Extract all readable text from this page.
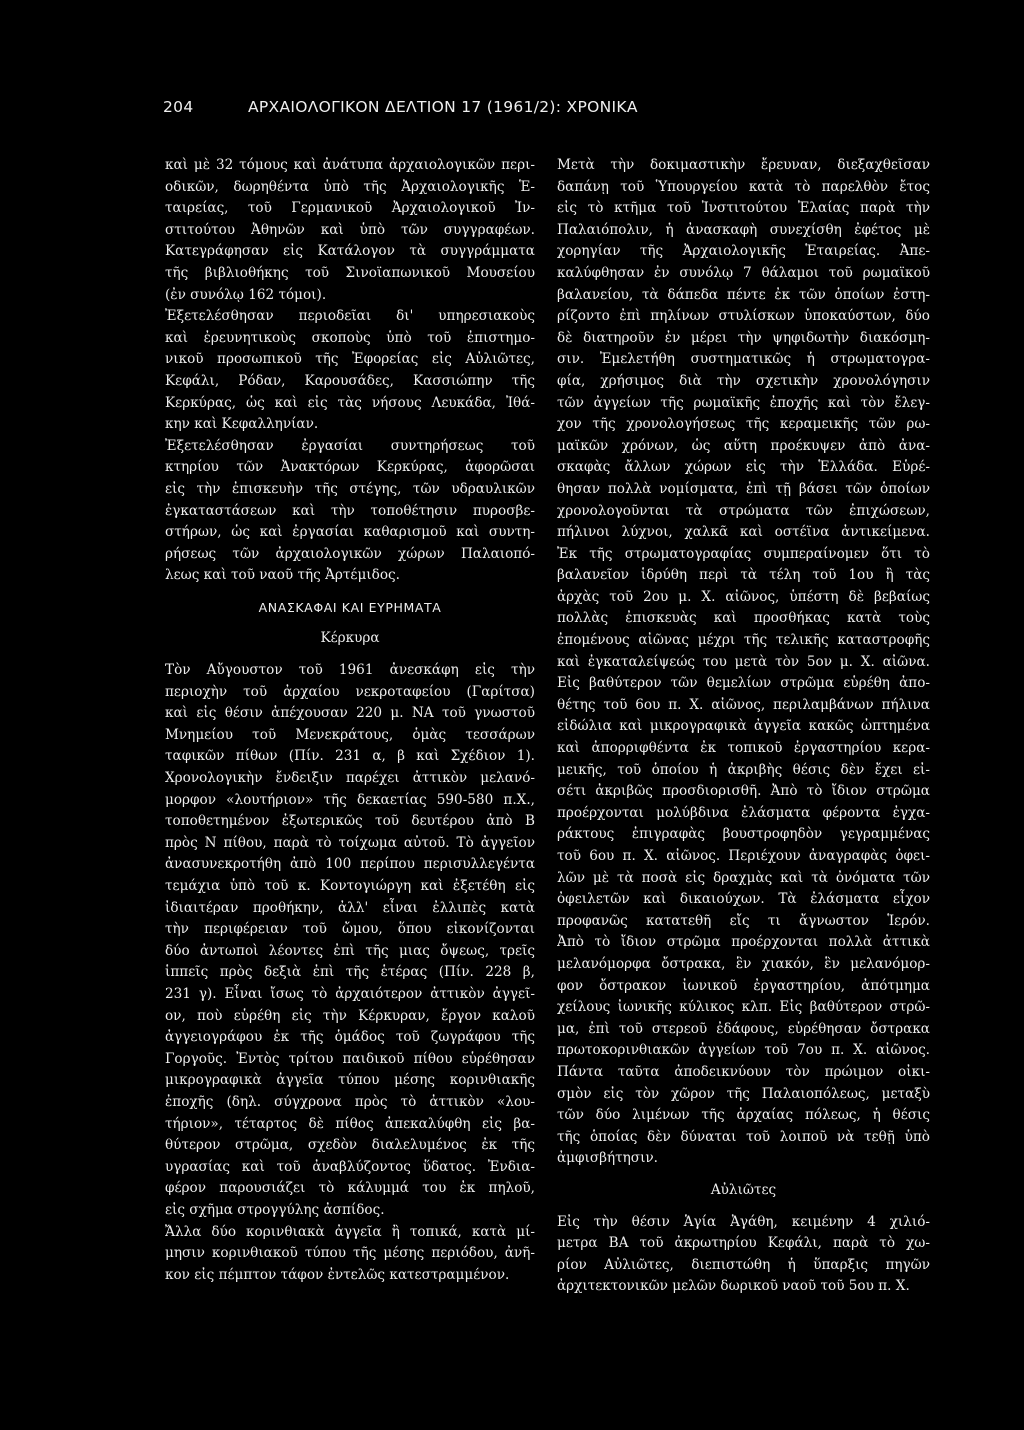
204	ΑΡΧΑΙΟΛΟΓΙΚΟΝ ΔΕΛΤΙΟΝ 17 (1961/2): ΧΡΟΝΙΚΑ
καὶ μὲ 32 τόμους καὶ ἀνάτυπα ἀρχαιολογικῶν περι-
οδικῶν, δωρηθέντα ὑπὸ τῆς Ἀρχαιολογικῆς Ἑ-
ταιρείας, τοῦ Γερμανικοῦ Ἀρχαιολογικοῦ Ἰν-
στιτούτου Ἀθηνῶν καὶ ὑπὸ τῶν συγγραφέων.
Κατεγράφησαν εἰς Κατάλογον τὰ συγγράμματα
τῆς βιβλιοθήκης τοῦ Σινοϊαπωνικοῦ Μουσείου
(ἐν συνόλῳ 162 τόμοι).
Ἐξετελέσθησαν περιοδεῖαι δι' υπηρεσιακοὺς
καὶ ἐρευνητικοὺς σκοποὺς ὑπὸ τοῦ ἐπιστημο-
νικοῦ προσωπικοῦ τῆς Ἐφορείας εἰς Αὐλιῶτες,
Κεφάλι, Ρόδαν, Καρουσάδες, Κασσιώπην τῆς
Κερκύρας, ὡς καὶ εἰς τὰς νήσους Λευκάδα, Ἰθά-
κην καὶ Κεφαλληνίαν.
Ἐξετελέσθησαν ἐργασίαι συντηρήσεως τοῦ
κτηρίου τῶν Ἀνακτόρων Κερκύρας, ἀφορῶσαι
εἰς τὴν ἐπισκευὴν τῆς στέγης, τῶν υδραυλικῶν
ἐγκαταστάσεων καὶ τὴν τοποθέτησιν πυροσβε-
στήρων, ὡς καὶ ἐργασίαι καθαρισμοῦ καὶ συντη-
ρήσεως τῶν ἀρχαιολογικῶν χώρων Παλαιοπό-
λεως καὶ τοῦ ναοῦ τῆς Ἀρτέμιδος.
ΑΝΑΣΚΑΦΑΙ ΚΑΙ ΕΥΡΗΜΑΤΑ
Κέρκυρα
Τὸν Αὔγουστον τοῦ 1961 ἀνεσκάφη εἰς τὴν
περιοχὴν τοῦ ἀρχαίου νεκροταφείου (Γαρίτσα)
καὶ εἰς θέσιν ἀπέχουσαν 220 μ. ΝΑ τοῦ γνωστοῦ
Μνημείου τοῦ Μενεκράτους, ὁμὰς τεσσάρων
ταφικῶν πίθων (Πίν. 231 α, β καὶ Σχέδιον 1).
Χρονολογικὴν ἔνδειξιν παρέχει ἀττικὸν μελανό-
μορφον «λουτήριον» τῆς δεκαετίας 590-580 π.Χ.,
τοποθετημένον ἐξωτερικῶς τοῦ δευτέρου ἀπὸ Β
πρὸς Ν πίθου, παρὰ τὸ τοίχωμα αὐτοῦ. Τὸ ἀγγεῖον
ἀνασυνεκροτήθη ἀπὸ 100 περίπου περισυλλεγέντα
τεμάχια ὑπὸ τοῦ κ. Κοντογιώργη καὶ ἐξετέθη εἰς
ἰδιαιτέραν προθήκην, ἀλλ' εἶναι ἐλλιπὲς κατὰ
τὴν περιφέρειαν τοῦ ὤμου, ὅπου εἰκονίζονται
δύο ἀντωποὶ λέοντες ἐπὶ τῆς μιας ὄψεως, τρεῖς
ἱππεῖς πρὸς δεξιὰ ἐπὶ τῆς ἑτέρας (Πίν. 228 β,
231 γ). Εἶναι ἴσως τὸ ἀρχαιότερον ἀττικὸν ἀγγεῖ-
ον, ποὺ εὑρέθη εἰς τὴν Κέρκυραν, ἔργον καλοῦ
ἀγγειογράφου ἐκ τῆς ὁμάδος τοῦ ζωγράφου τῆς
Γοργοῦς. Ἐντὸς τρίτου παιδικοῦ πίθου εὑρέθησαν
μικρογραφικὰ ἀγγεῖα τύπου μέσης κορινθιακῆς
ἐποχῆς (δηλ. σύγχρονα πρὸς τὸ ἀττικὸν «λου-
τήριον», τέταρτος δὲ πίθος ἀπεκαλύφθη εἰς βα-
θύτερον στρῶμα, σχεδὸν διαλελυμένος ἐκ τῆς
υγρασίας καὶ τοῦ ἀναβλύζοντος ὕδατος. Ἐνδια-
φέρον παρουσιάζει τὸ κάλυμμά του ἐκ πηλοῦ,
εἰς σχῆμα στρογγύλης ἀσπίδος.
Ἄλλα δύο κορινθιακὰ ἀγγεῖα ἢ τοπικά, κατὰ μί-
μησιν κορινθιακοῦ τύπου τῆς μέσης περιόδου, ἀνῆ-
κον εἰς πέμπτον τάφον ἐντελῶς κατεστραμμένον.
Μετὰ τὴν δοκιμαστικὴν ἔρευναν, διεξαχθεῖσαν
δαπάνῃ τοῦ Ὑπουργείου κατὰ τὸ παρελθὸν ἔτος
εἰς τὸ κτῆμα τοῦ Ἰνστιτούτου Ἐλαίας παρὰ τὴν
Παλαιόπολιν, ἡ ἀνασκαφὴ συνεχίσθη ἐφέτος μὲ
χορηγίαν τῆς Ἀρχαιολογικῆς Ἑταιρείας. Ἀπε-
καλύφθησαν ἐν συνόλῳ 7 θάλαμοι τοῦ ρωμαϊκοῦ
βαλανείου, τὰ δάπεδα πέντε ἐκ τῶν ὁποίων ἐστη-
ρίζοντο ἐπὶ πηλίνων στυλίσκων ὑποκαύστων, δύο
δὲ διατηροῦν ἐν μέρει τὴν ψηφιδωτὴν διακόσμη-
σιν. Ἐμελετήθη συστηματικῶς ἡ στρωματογρα-
φία, χρήσιμος διὰ τὴν σχετικὴν χρονολόγησιν
τῶν ἀγγείων τῆς ρωμαϊκῆς ἐποχῆς καὶ τὸν ἔλεγ-
χον τῆς χρονολογήσεως τῆς κεραμεικῆς τῶν ρω-
μαϊκῶν χρόνων, ὡς αὕτη προέκυψεν ἀπὸ ἀνα-
σκαφὰς ἄλλων χώρων εἰς τὴν Ἑλλάδα. Εὑρέ-
θησαν πολλὰ νομίσματα, ἐπὶ τῇ βάσει τῶν ὁποίων
χρονολογοῦνται τὰ στρώματα τῶν ἐπιχώσεων,
πήλινοι λύχνοι, χαλκᾶ καὶ οστέϊνα ἀντικείμενα.
Ἐκ τῆς στρωματογραφίας συμπεραίνομεν ὅτι τὸ
βαλανεῖον ἱδρύθη περὶ τὰ τέλη τοῦ 1ου ἢ τὰς
ἀρχὰς τοῦ 2ου μ. Χ. αἰῶνος, ὑπέστη δὲ βεβαίως
πολλὰς ἐπισκευὰς καὶ προσθήκας κατὰ τοὺς
ἐπομένους αἰῶνας μέχρι τῆς τελικῆς καταστροφῆς
καὶ ἐγκαταλείψεώς του μετὰ τὸν 5ον μ. Χ. αἰῶνα.
Εἰς βαθύτερον τῶν θεμελίων στρῶμα εὑρέθη ἀπο-
θέτης τοῦ 6ου π. Χ. αἰῶνος, περιλαμβάνων πήλινα
εἰδώλια καὶ μικρογραφικὰ ἀγγεῖα κακῶς ὠπτημένα
καὶ ἀπορριφθέντα ἐκ τοπικοῦ ἐργαστηρίου κερα-
μεικῆς, τοῦ ὁποίου ἡ ἀκριβὴς θέσις δὲν ἔχει εἰ-
σέτι ἀκριβῶς προσδιορισθῆ. Ἀπὸ τὸ ἴδιον στρῶμα
προέρχονται μολύβδινα ἐλάσματα φέροντα ἐγχα-
ράκτους ἐπιγραφὰς βουστροφηδὸν γεγραμμένας
τοῦ 6ου π. Χ. αἰῶνος. Περιέχουν ἀναγραφὰς ὀφει-
λῶν μὲ τὰ ποσὰ εἰς δραχμὰς καὶ τὰ ὀνόματα τῶν
ὀφειλετῶν καὶ δικαιούχων. Τὰ ἐλάσματα εἶχον
προφανῶς κατατεθῆ εἴς τι ἄγνωστον Ἱερόν.
Ἀπὸ τὸ ἴδιον στρῶμα προέρχονται πολλὰ ἀττικὰ
μελανόμορφα ὄστρακα, ἓν χιακόν, ἓν μελανόμορ-
φον ὄστρακον ἰωνικοῦ ἐργαστηρίου, ἀπότμημα
χείλους ἰωνικῆς κύλικος κλπ. Εἰς βαθύτερον στρῶ-
μα, ἐπὶ τοῦ στερεοῦ ἐδάφους, εὑρέθησαν ὄστρακα
πρωτοκορινθιακῶν ἀγγείων τοῦ 7ου π. Χ. αἰῶνος.
Πάντα ταῦτα ἀποδεικνύουν τὸν πρώιμον οἰκι-
σμὸν εἰς τὸν χῶρον τῆς Παλαιοπόλεως, μεταξὺ
τῶν δύο λιμένων τῆς ἀρχαίας πόλεως, ἡ θέσις
τῆς ὁποίας δὲν δύναται τοῦ λοιποῦ νὰ τεθῇ ὑπὸ
ἀμφισβήτησιν.
Αὐλιῶτες
Εἰς τὴν θέσιν Ἁγία Ἀγάθη, κειμένην 4 χιλιό-
μετρα ΒΑ τοῦ ἀκρωτηρίου Κεφάλι, παρὰ τὸ χω-
ρίον Αὐλιῶτες, διεπιστώθη ἡ ὕπαρξις πηγῶν
ἀρχιτεκτονικῶν μελῶν δωρικοῦ ναοῦ τοῦ 5ου π. Χ.
